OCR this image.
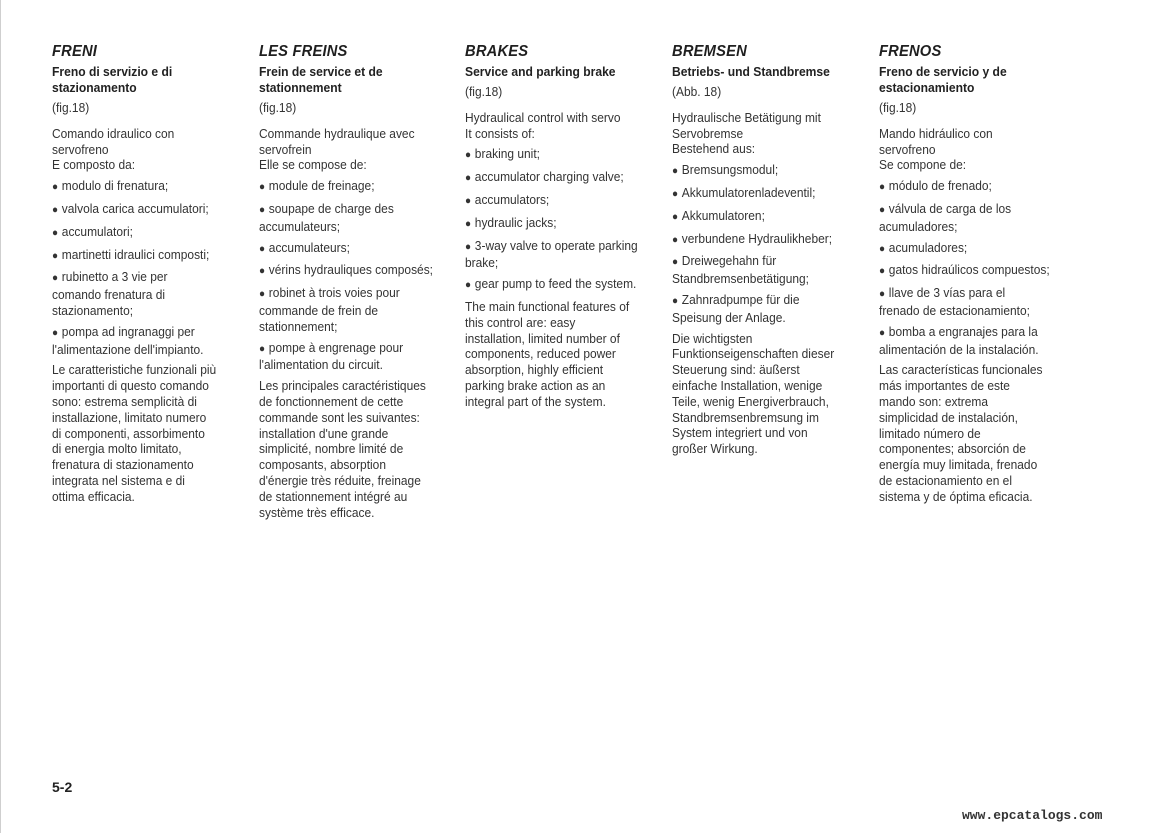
FRENI
Freno di servizio e di
stazionamento
(fig.18)
Comando idraulico con
servofreno
E composto da:
● modulo di frenatura;
● valvola carica accumulatori;
● accumulatori;
● martinetti idraulici composti;
● rubinetto a 3 vie per
comando frenatura di
stazionamento;
● pompa ad ingranaggi per
l'alimentazione dell'impianto.
Le caratteristiche funzionali più
importanti di questo comando
sono: estrema semplicità di
installazione, limitato numero
di componenti, assorbimento
di energia molto limitato,
frenatura di stazionamento
integrata nel sistema e di
ottima efficacia.
LES FREINS
Frein de service et de
stationnement
(fig.18)
Commande hydraulique avec
servofrein
Elle se compose de:
● module de freinage;
● soupape de charge des
accumulateurs;
● accumulateurs;
● vérins hydrauliques composés;
● robinet à trois voies pour
commande de frein de
stationnement;
● pompe à engrenage pour
l'alimentation du circuit.
Les principales caractéristiques
de fonctionnement de cette
commande sont les suivantes:
installation d'une grande
simplicité, nombre limité de
composants, absorption
d'énergie très réduite, freinage
de stationnement intégré au
système très efficace.
BRAKES
Service and parking brake
(fig.18)
Hydraulical control with servo
It consists of:
● braking unit;
● accumulator charging valve;
● accumulators;
● hydraulic jacks;
● 3-way valve to operate parking
brake;
● gear pump to feed the system.
The main functional features of
this control are: easy
installation, limited number of
components, reduced power
absorption, highly efficient
parking brake action as an
integral part of the system.
BREMSEN
Betriebs- und Standbremse
(Abb. 18)
Hydraulische Betätigung mit
Servobremse
Bestehend aus:
● Bremsungsmodul;
● Akkumulatorenladeventil;
● Akkumulatoren;
● verbundene Hydraulikheber;
● Dreiwegehahn für
Standbremsenbetätigung;
● Zahnradpumpe für die
Speisung der Anlage.
Die wichtigsten
Funktionseigenschaften dieser
Steuerung sind: äußerst
einfache Installation, wenige
Teile, wenig Energiverbrauch,
Standbremsenbremsung im
System integriert und von
großer Wirkung.
FRENOS
Freno de servicio y de
estacionamiento
(fig.18)
Mando hidráulico con
servofreno
Se compone de:
● módulo de frenado;
● válvula de carga de los
acumuladores;
● acumuladores;
● gatos hidraúlicos compuestos;
● llave de 3 vías para el
frenado de estacionamiento;
● bomba a engranajes para la
alimentación de la instalación.
Las características funcionales
más importantes de este
mando son: extrema
simplicidad de instalación,
limitado número de
componentes; absorción de
energía muy limitada, frenado
de estacionamiento en el
sistema y de óptima eficacia.
5-2
www.epcatalogs.com
